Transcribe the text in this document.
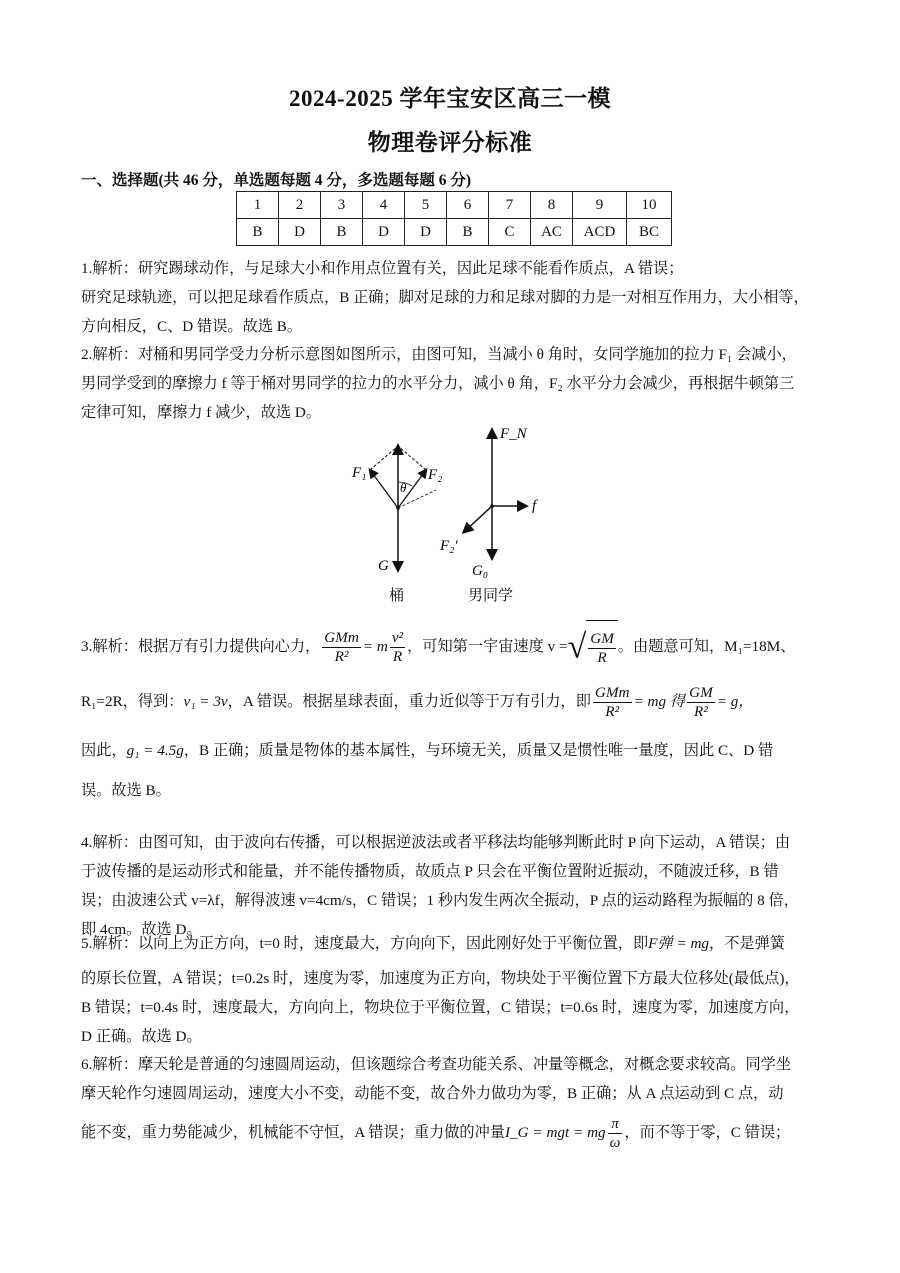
2024-2025 学年宝安区高三一模
物理卷评分标准
一、选择题(共 46 分，单选题每题 4 分，多选题每题 6 分)
1	2	3	4	5	6	7	8	9	10
B	D	B	D	D	B	C	AC	ACD	BC

1.解析：研究踢球动作，与足球大小和作用点位置有关，因此足球不能看作质点，A 错误；

研究足球轨迹，可以把足球看作质点，B 正确；脚对足球的力和足球对脚的力是一对相互作用力，大小相等，

方向相反，C、D 错误。故选 B。

2.解析：对桶和男同学受力分析示意图如图所示，由图可知，当减小 θ 角时，女同学施加的拉力 F₁ 会减小，

男同学受到的摩擦力 f 等于桶对男同学的拉力的水平分力，减小 θ 角，F₂ 水平分力会减少，再根据牛顿第三

定律可知，摩擦力 f 减少，故选 D。

F₁	F₂
θ
G
F_N
f
F₂′
G₀
桶	男同学

3.解析：根据万有引力提供向心力， $\frac{\text{GMm}}{\text{R²}} = m \frac{\text{v²}}{R}$ ，可知第一宇宙速度 v =√ $\frac{GM}{R}$ 。由题意可知，M₁=18M、

R₁=2R，得到：v₁ = 3v，A 错误。根据星球表面，重力近似等于万有引力，即 $\frac{\text{GMm}}{\text{R²}}$ = mg 得 $\frac{GM}{\text{R²}} = g$，

因此，g₁ = 4.5g，B 正确；质量是物体的基本属性，与环境无关，质量又是惯性唯一量度，因此 C、D 错

误。故选 B。

4.解析：由图可知，由于波向右传播，可以根据逆波法或者平移法均能够判断此时 P 向下运动，A 错误；由

于波传播的是运动形式和能量，并不能传播物质，故质点 P 只会在平衡位置附近振动，不随波迁移，B 错

误；由波速公式 v=λf，解得波速 v=4cm/s，C 错误；1 秒内发生两次全振动，P 点的运动路程为振幅的 8 倍，

即 4cm。故选 D。

5.解析：以向上为正方向，t=0 时，速度最大，方向向下，因此刚好处于平衡位置，即F弹 = mg，不是弹簧

的原长位置，A 错误；t=0.2s 时，速度为零，加速度为正方向，物块处于平衡位置下方最大位移处(最低点)，

B 错误；t=0.4s 时，速度最大，方向向上，物块位于平衡位置，C 错误；t=0.6s 时，速度为零，加速度方向，

D 正确。故选 D。

6.解析：摩天轮是普通的匀速圆周运动，但该题综合考查功能关系、冲量等概念，对概念要求较高。同学坐

摩天轮作匀速圆周运动，速度大小不变，动能不变，故合外力做功为零，B 正确；从 A 点运动到 C 点，动

能不变，重力势能减少，机械能不守恒，A 错误；重力做的冲量I_G = mgt = mg $\frac{\pi}{\omega}$ ，而不等于零，C 错误；
